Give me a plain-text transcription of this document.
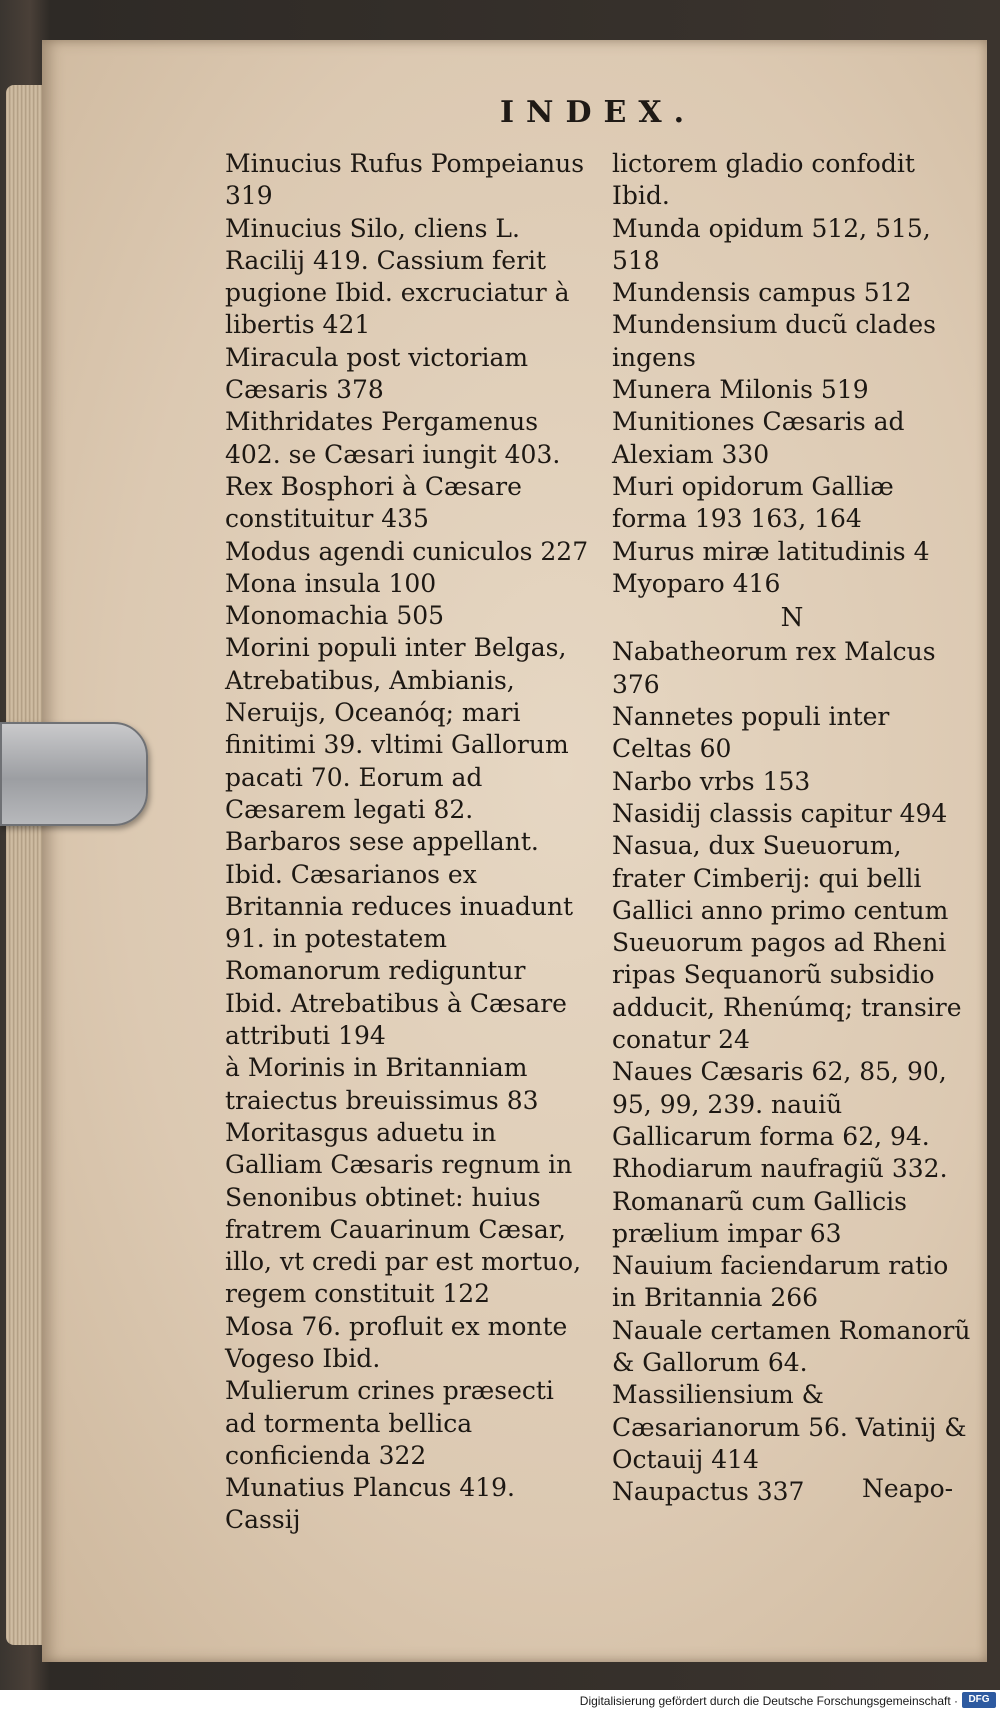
INDEX.

Minucius Rufus Pompeianus 319

Minucius Silo, cliens L. Racilij 419. Cassium ferit pugione Ibid. excruciatur à libertis 421

Miracula post victoriam Cæsaris 378

Mithridates Pergamenus 402. se Cæsari iungit 403. Rex Bosphori à Cæsare constituitur 435

Modus agendi cuniculos 227

Mona insula 100

Monomachia 505

Morini populi inter Belgas, Atrebatibus, Ambianis, Neruijs, Oceanóq; mari finitimi 39. vltimi Gallorum pacati 70. Eorum ad Cæsarem legati 82. Barbaros sese appellant. Ibid. Cæsarianos ex Britannia reduces inuadunt 91. in potestatem Romanorum rediguntur Ibid. Atrebatibus à Cæsare attributi 194

à Morinis in Britanniam traiectus breuissimus 83

Moritasgus aduetu in Galliam Cæsaris regnum in Senonibus obtinet: huius fratrem Cauarinum Cæsar, illo, vt credi par est mortuo, regem constituit 122

Mosa 76. profluit ex monte Vogeso Ibid.

Mulierum crines præsecti ad tormenta bellica conficienda 322

Munatius Plancus 419. Cassij

lictorem gladio confodit Ibid.

Munda opidum 512, 515, 518

Mundensis campus 512

Mundensium ducũ clades ingens

Munera Milonis 519

Munitiones Cæsaris ad Alexiam 330

Muri opidorum Galliæ forma 193 163, 164

Murus miræ latitudinis 4

Myoparo 416

N

Nabatheorum rex Malcus 376

Nannetes populi inter Celtas 60

Narbo vrbs 153

Nasidij classis capitur 494

Nasua, dux Sueuorum, frater Cimberij: qui belli Gallici anno primo centum Sueuorum pagos ad Rheni ripas Sequanorũ subsidio adducit, Rhenúmq; transire conatur 24

Naues Cæsaris 62, 85, 90, 95, 99, 239. nauiũ Gallicarum forma 62, 94. Rhodiarum naufragiũ 332. Romanarũ cum Gallicis prælium impar 63

Nauium faciendarum ratio in Britannia 266

Nauale certamen Romanorũ & Gallorum 64. Massiliensium & Cæsarianorum 56. Vatinij & Octauij 414

Naupactus 337	Neapo-
Digitalisierung gefördert durch die Deutsche Forschungsgemeinschaft ·	DFG
